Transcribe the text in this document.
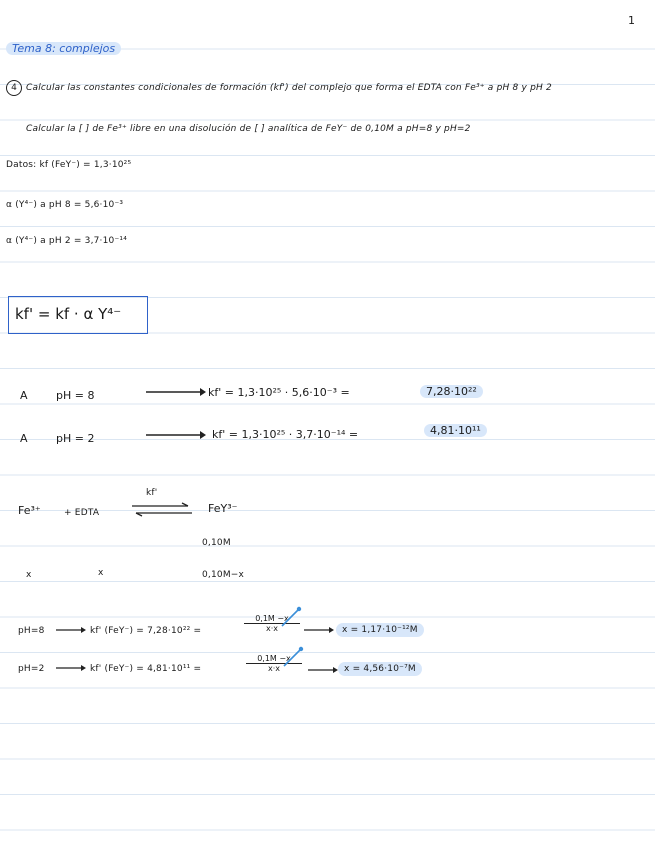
1
Tema 8: complejos
4	Calcular las constantes condicionales de formación (kf') del complejo que forma el EDTA con Fe³⁺ a pH 8 y pH 2
Calcular la [ ] de Fe³⁺ libre en una disolución de [ ] analítica de FeY⁻ de 0,10M a pH=8 y pH=2
Datos: kf (FeY⁻) = 1,3·10²⁵
α (Y⁴⁻) a pH 8 = 5,6·10⁻³
α (Y⁴⁻) a pH 2 = 3,7·10⁻¹⁴
kf' = kf · α Y⁴⁻
A	pH = 8	kf' = 1,3·10²⁵ · 5,6·10⁻³ =	7,28·10²²
A	pH = 2	kf' = 1,3·10²⁵ · 3,7·10⁻¹⁴ =	4,81·10¹¹
Fe³⁺	+ EDTA
kf'
⇌ FeY³⁻
0,10M
x	x	0,10M−x
pH=8	kf' (FeY⁻) = 7,28·10²² =	$\frac{0,1M -x}{x\cdot x}$	x = 1,17·10⁻¹²M
pH=2	kf' (FeY⁻) = 4,81·10¹¹ =	$\frac{0,1M -x}{x\cdot x}$	x = 4,56·10⁻⁷M
